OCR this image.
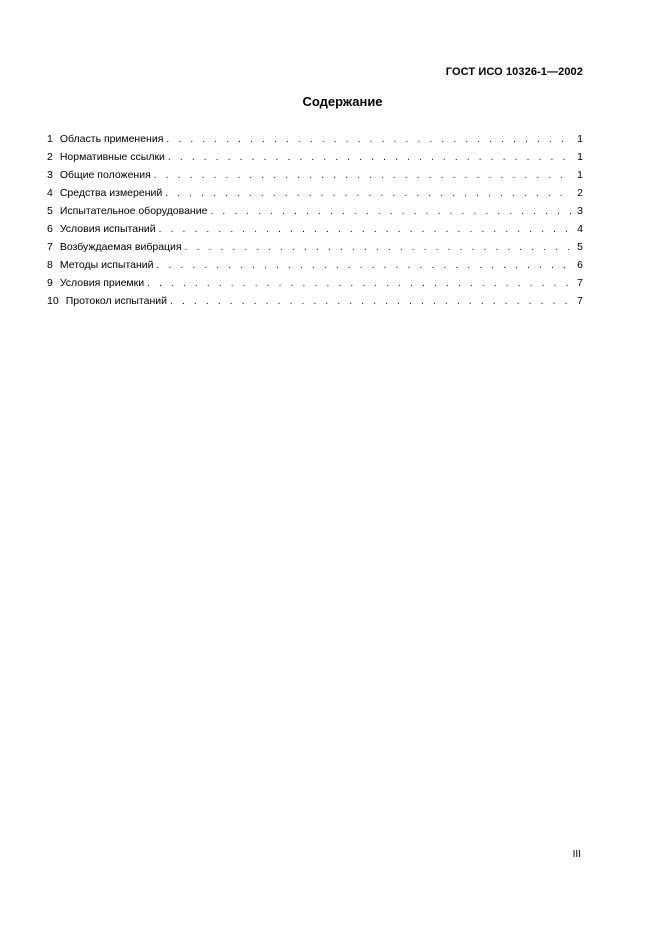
ГОСТ ИСО 10326-1—2002
Содержание
1 Область применения . . .	1
2 Нормативные ссылки . . .	1
3 Общие положения . . .	1
4 Средства измерений . . .	2
5 Испытательное оборудование . . .	3
6 Условия испытаний . . .	4
7 Возбуждаемая вибрация . . .	5
8 Методы испытаний . . .	6
9 Условия приемки . . .	7
10 Протокол испытаний . . .	7
III
